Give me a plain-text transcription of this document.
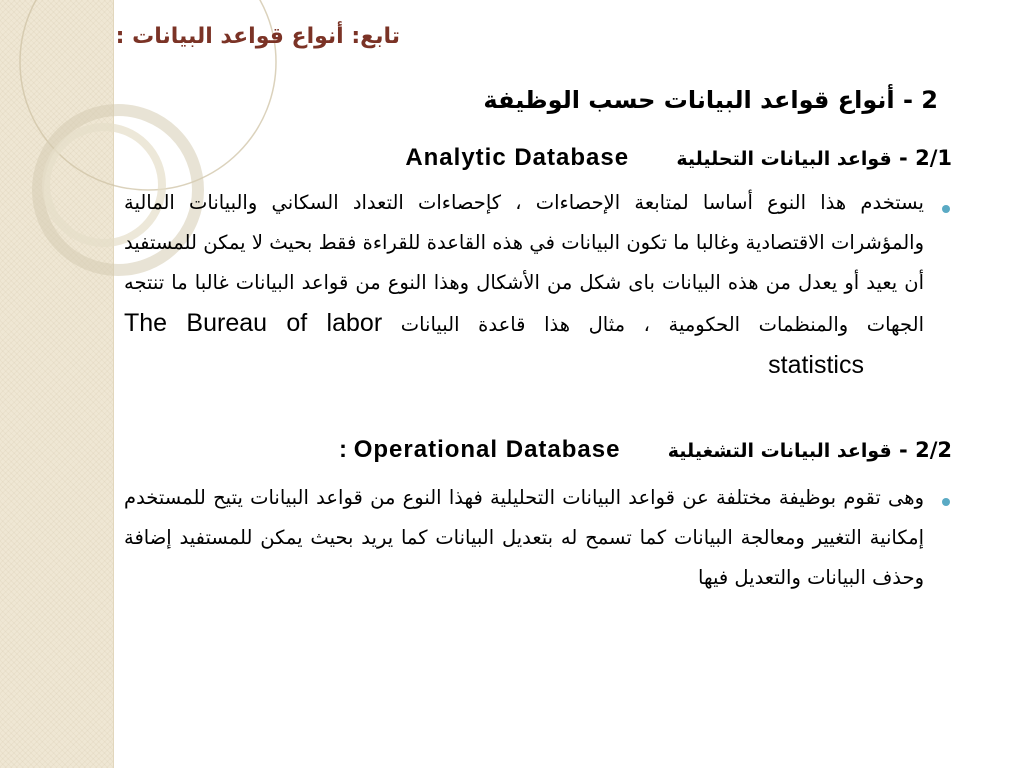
تابع: أنواع قواعد البيانات :
2 - أنواع قواعد البيانات حسب الوظيفة
2/1 - قواعد البيانات التحليلية Analytic Database
يستخدم هذا النوع أساسا لمتابعة الإحصاءات ، كإحصاءات التعداد السكاني والبيانات المالية والمؤشرات الاقتصادية وغالبا ما تكون البيانات في هذه القاعدة للقراءة فقط بحيث لا يمكن للمستفيد أن يعيد أو يعدل من هذه البيانات باى شكل من الأشكال وهذا النوع من قواعد البيانات غالبا ما تنتجه الجهات والمنظمات الحكومية ، مثال هذا قاعدة البيانات The Bureau of labor statistics
2/2 - قواعد البيانات التشغيلية : Operational Database
وهى تقوم بوظيفة مختلفة عن قواعد البيانات التحليلية فهذا النوع من قواعد البيانات يتيح للمستخدم إمكانية التغيير ومعالجة البيانات كما تسمح له بتعديل البيانات كما يريد بحيث يمكن للمستفيد إضافة وحذف البيانات والتعديل فيها
